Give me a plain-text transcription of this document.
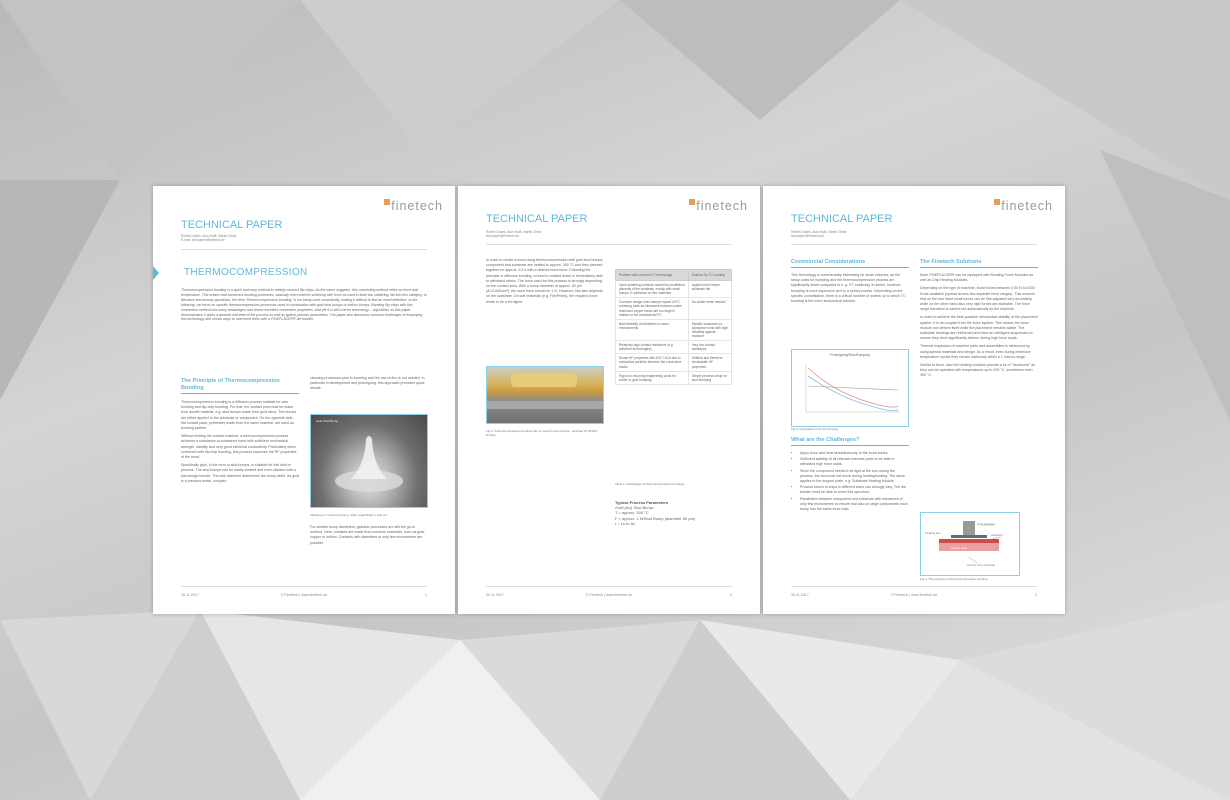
finetech
TECHNICAL PAPER
Robert Dudek, Alan Swift, Martin Christ
E-mail: techpaper@finetech.de
THERMOCOMPRESSION
Thermocompression bonding is a quick and easy method to reliably connect flip-chips. As the name suggests, this connecting method relies on force and temperature. This means that numerous bonding processes, basically even eutectic soldering with force as used in laser bar soldering, fall into this category. In literature and among specialists, the term "thermocompression bonding" is not being used consistently, making it difficult to find an exact definition. In the following, we focus on specific thermocompression processes used in combination with gold stud bumps or indium bumps. Bonding flip-chips with this connection method has many advantages and shows excellent connection properties. And yet it is still a niche technology – unjustified, as this paper demonstrates! It gives a general overview of the process as well as typical process parameters. The paper also discusses common challenges of employing this technology and shows ways to overcome them with a FINEPLACER® die bonder.
The Principle of Thermocompression Bonding

Thermocompression bonding is a diffusion process suitable for wire bonding and flip-chip bonding. For that, the contact pins must be made from ductile material, e.g. stud bumps made from gold wires. The bumps are either applied to the substrate or component. On the opposite side, flat contact pads, preferably made from the same material, are used as bonding partner.

Without melting the contact material, a thermocompression process achieves a substance-to-substance bond with sufficient mechanical strength, stability and very good electrical conductivity. Particularly when combined with flip chip bonding, this process improves the RF properties of the bond.

Specifically gold, in the form of stud bumps, is suitable for this kind of process. The stud bumps can be easily created and even stacked with a ball-wedge bonder. The wire diameter determines the bump width. As gold is a precious metal, complex

cleaning processes prior to bonding and the use of flux is not needed, in particular in development and prototyping, this approach promises quick results.
Gold Stud Bump
Abbildung 1: Gold stud bump, 300x magnification, ø40 µm
For smaller bump diameters, galvanic processes are still the go-to method. Here, contacts are made from common materials, such as gold, copper or indium. Contacts with diameters of only few micrometers are possible.
30.11.2017	© Finetech | www.finetech.de	1
finetech
TECHNICAL PAPER
Robert Dudek, Alan Swift, Martin Christ
techpaper@finetech.de
In order to create a bond using thermocompression with gold stud bumps, component and substrate are heated to approx. 300 °C and then pressed together for approx. 0.5 s with a defined bond force. Following the principle of diffusion bonding, a bond is created which is immediately able to withstand stress. The force used for this process is strongly depending on the contact area. With a bump diameter of approx. 50 µm (A=0,002mm²), the used force should be 1 N. However, this also depends on the substrate. On soft materials (e.g. FlexPrints), the required force tends to be a bit higher.
Fig 2: thermocompression bonded chip on board (cross-section, provided by IMTEC GmbH)
Problem with common FC technology	Solution by TC bonding
Open soldering contacts caused by insufficient planarity of the substrate, mostly with small bumps, in particular on flex materials	Applied force keeps substrate flat
Common design rules hamper layout of FC soldering pads as tolerances between solder resist and copper tracks are too large in relation to the miniaturized FC	No solder resist needed
Bad reliability of adhesives in moist environments	Metallic substance-to-substance bond with high reliability against moisture
Relatively high contact resistance (e.g. adhesive technologies)	Very low contact resistance
Worse HF properties with ACF / ACA due to conductive particles between the conductive tracks	Defined and therefore simulatable HF properties
High non-recurring engineering costs for solder or gold bumping	Simple process setup for stud bumping
Table 1: Advantages of thermocompression bonding
Typical Process Parameters
Gold (Au) Stud Bump:
T = approx. 300 °C
F = approx. 1 N/Stud Bump (diameter 50 µm)
t = 1s to 4s
30.11.2017	© Finetech | www.finetech.de	2
finetech
TECHNICAL PAPER
Robert Dudek, Alan Swift, Martin Christ
techpaper@finetech.de
Commercial Considerations
This technology is commercially interesting for small volumes, as the setup costs for bumping and the thermocompression process are significantly lower compared to e. g. FC soldering. In series, however, bumping is more expensive as it is a serial process. Depending on the specific constellation, there is a critical number of wafers up to which TC bonding is the more economical solution.
Prototyping/Stud Bumping
Fig 3: Compared costs for bumping
What are the Challenges?
• Apply force and heat simultaneously to the bond zones.
• Sufficient stability of all relevant machine parts to be able to withstand high force loads.
• Since the component needs to sit tight at the tool during the process, the tool must not move during heating/cooling. The same applies to the support plate, e.g. Substrate Heating Module.
• Process forces of chips in different sizes can strongly vary. The die bonder must be able to cover this spectrum.
• Parallelism between component and substrate with tolerances of only few micrometers to ensure that also on large components each bump has the same force load.
The Finetech Solutions

Each FINEPLACER® can be equipped with Bonding Force Modules as well as Chip Heating Modules.

Depending on the type of machine, bond forces between 0.05 N to 1000 N are available (spread across two separate force ranges). This ensures that on the one hand small forces can be fine-adjusted very accurately, while on the other hand also very high forces are available. The force range transition is carried out automatically by the machine.

In order to achieve the best-possible mechanical stability of the placement system, it is de-coupled from the force system. This means the force module can deform itself while the placement remains stable. The substrate heatings are reinforced and have an intelligent suspension to ensure they don't significantly deform during high force loads.

Thermal expansion of machine parts and assemblies is minimized by using special materials and design. As a result, even during extensive temperature cycles they remain stationary within a 1 micron range.

Similar to force, also the heating modules provide a lot of "headroom" as they can be operated with temperatures up to 400 °C, sometimes even 450 °C.

force and heat
substrate
heating plate
bonding tool
counter force and heat
Fig 4: The principle of thermocompression bonding
30.11.2017	© Finetech | www.finetech.de	3
